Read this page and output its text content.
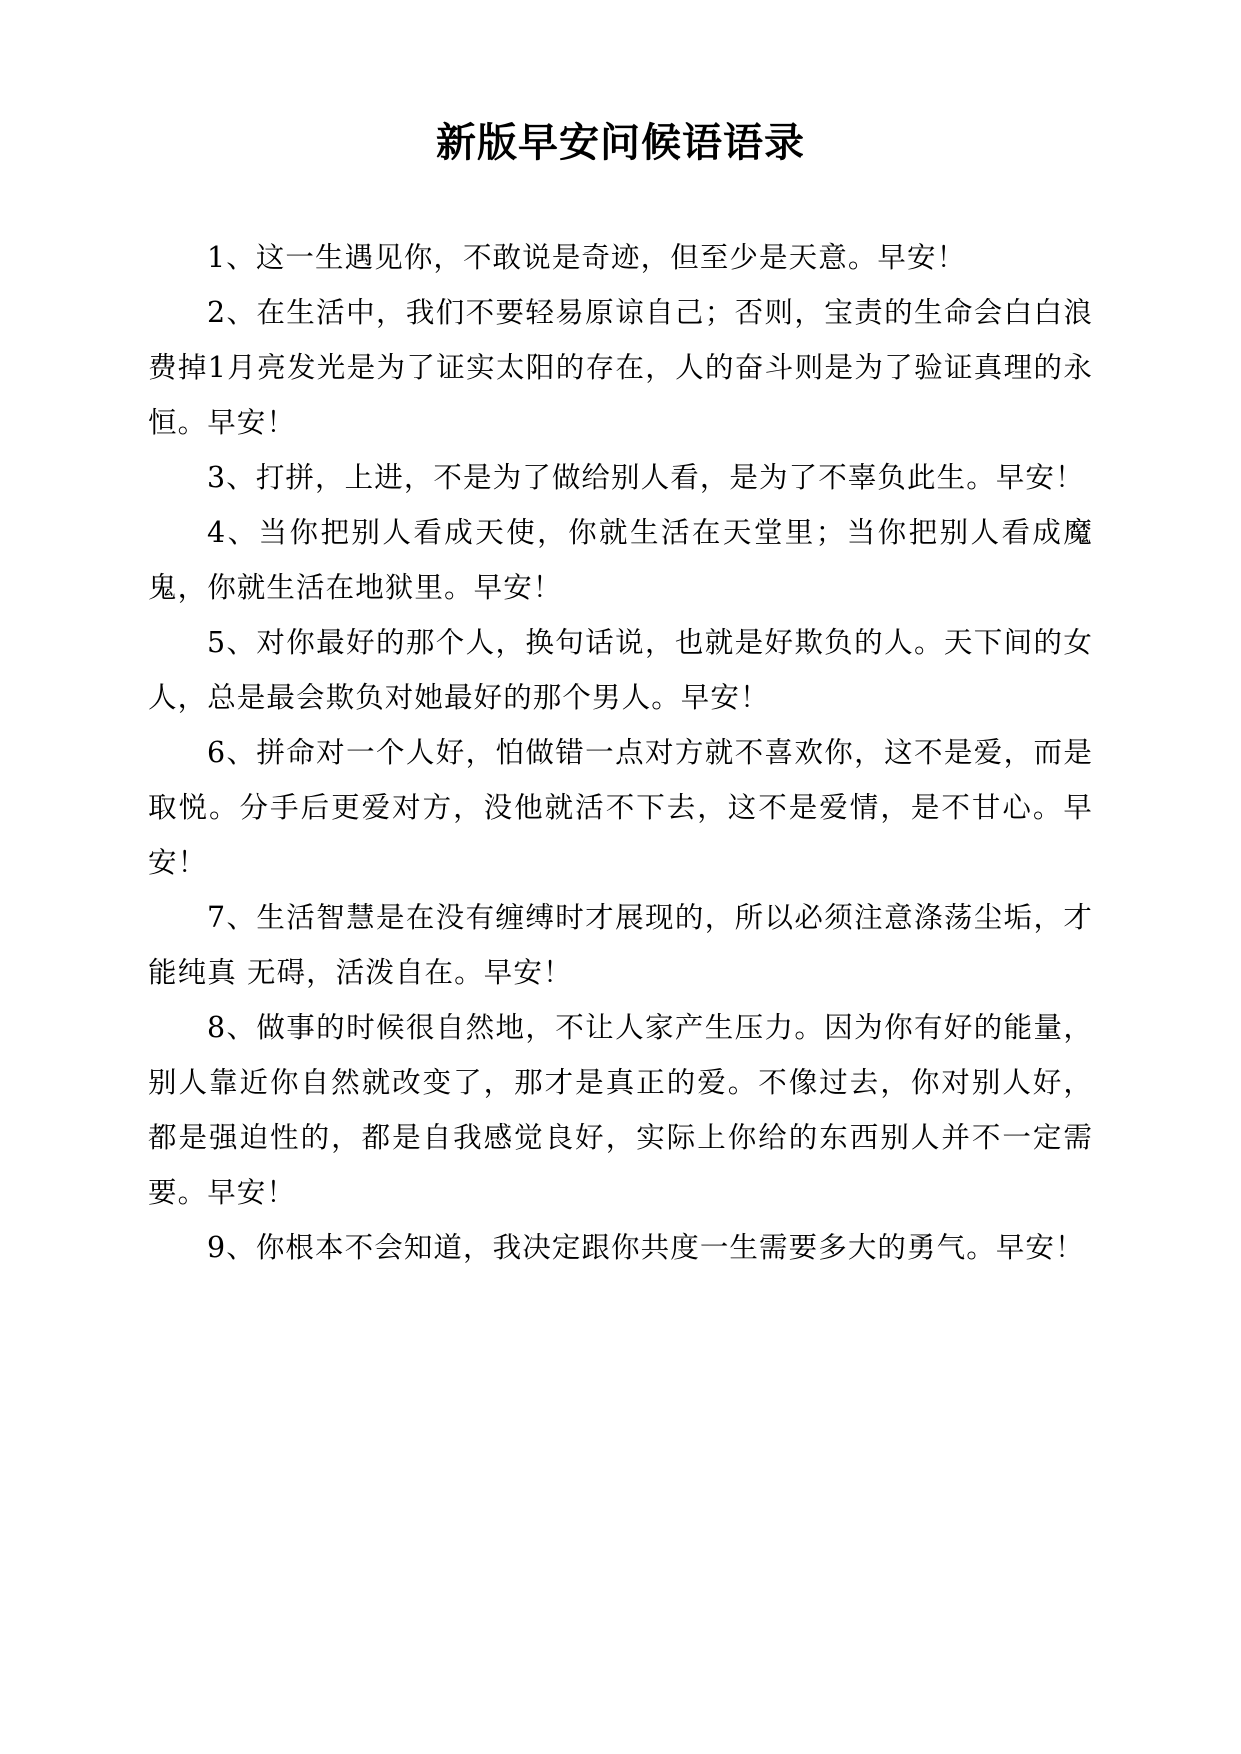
新版早安问候语语录

1、这一生遇见你，不敢说是奇迹，但至少是天意。早安！

2、在生活中，我们不要轻易原谅自己；否则，宝责的生命会白白浪费掉1月亮发光是为了证实太阳的存在，人的奋斗则是为了验证真理的永恒。早安！

3、打拼，上进，不是为了做给别人看，是为了不辜负此生。早安！

4、当你把别人看成天使，你就生活在天堂里；当你把别人看成魔鬼，你就生活在地狱里。早安！

5、对你最好的那个人，换句话说，也就是好欺负的人。天下间的女人，总是最会欺负对她最好的那个男人。早安！

6、拼命对一个人好，怕做错一点对方就不喜欢你，这不是爱，而是取悦。分手后更爱对方，没他就活不下去，这不是爱情，是不甘心。早安！

7、生活智慧是在没有缠缚时才展现的，所以必须注意涤荡尘垢，才能纯真 无碍，活泼自在。早安！

8、做事的时候很自然地，不让人家产生压力。因为你有好的能量，别人靠近你自然就改变了，那才是真正的爱。不像过去，你对别人好，都是强迫性的，都是自我感觉良好，实际上你给的东西别人并不一定需要。早安！

9、你根本不会知道，我决定跟你共度一生需要多大的勇气。早安！
